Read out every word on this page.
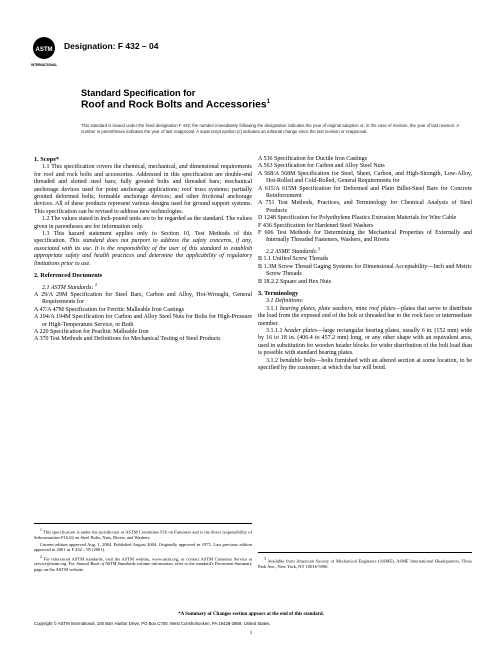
ASTM
INTERNATIONAL
Designation: F 432 – 04
Standard Specification for
Roof and Rock Bolts and Accessories$^1$
This standard is issued under the fixed designation F 432; the number immediately following the designation indicates the year of original adoption or, in the case of revision, the year of last revision. A number in parentheses indicates the year of last reapproval. A superscript epsilon (ε) indicates an editorial change since the last revision or reapproval.
1. Scope*

1.1 This specification covers the chemical, mechanical, and dimensional requirements for roof and rock bolts and accessories. Addressed in this specification are double-end threaded and slotted steel bars; fully grouted bolts and threaded bars; mechanical anchorage devices used for point anchorage applications; roof truss systems; partially grouted deformed bolts; formable anchorage devices; and other frictional anchorage devices. All of these products represent various designs used for ground support systems. This specification can be revised to address new technologies.

1.2 The values stated in inch-pound units are to be regarded as the standard. The values given in parentheses are for information only.

1.3 This hazard statement applies only to Section 10, Test Methods of this specification. This standard does not purport to address the safety concerns, if any, associated with its use. It is the responsibility of the user of this standard to establish appropriate safety and health practices and determine the applicability of regulatory limitations prior to use.

2. Referenced Documents

2.1 ASTM Standards: $^2$

A 29/A 29M Specification for Steel Bars, Carbon and Alloy, Hot-Wrought, General Requirements for

A 47/A 47M Specification for Ferritic Malleable Iron Castings

A 194/A 194M Specification for Carbon and Alloy Steel Nuts for Bolts for High-Pressure or High-Temperature Service, or Both

A 220 Specification for Pearlitic Malleable Iron

A 370 Test Methods and Definitions for Mechanical Testing of Steel Products

A 536 Specification for Ductile Iron Castings

A 563 Specification for Carbon and Alloy Steel Nuts

A 568/A 568M Specification for Steel, Sheet, Carbon, and High-Strength, Low-Alloy, Hot-Rolled and Cold-Rolled, General Requirements for

A 615/A 615M Specification for Deformed and Plain Billet-Steel Bars for Concrete Reinforcement

A 751 Test Methods, Practices, and Terminology for Chemical Analysis of Steel Products

D 1248 Specification for Polyethylene Plastics Extrusion Materials for Wire Cable

F 436 Specification for Hardened Steel Washers

F 606 Test Methods for Determining the Mechanical Properties of Externally and Internally Threaded Fasteners, Washers, and Rivets

2.2 ASME Standards:$^3$

B 1.1 Unified Screw Threads

B 1.3M Screw Thread Gaging Systems for Dimensional Acceptability—Inch and Metric Screw Threads

B 18.2.2 Square and Hex Nuts

3. Terminology

3.1 Definitions:

3.1.1 bearing plates, plate washers, mine roof plates—plates that serve to distribute the load from the exposed end of the bolt or threaded bar to the rock face or intermediate member.

3.1.1.1 header plates—large rectangular bearing plates, usually 6 in. (152 mm) wide by 16 to 18 in. (406.4 to 457.2 mm) long, or any other shape with an equivalent area, used in substitution for wooden header blocks for wider distribution of the bolt load than is possible with standard bearing plates.

3.1.2 bendable bolts—bolts furnished with an altered section at some location, to be specified by the customer, at which the bar will bend.

$^1$ This specification is under the jurisdiction of ASTM Committee F16 on Fasteners and is the direct responsibility of Subcommittee F16.02 on Steel Bolts, Nuts, Rivets, and Washers.

Current edition approved Aug. 1, 2004. Published August 2004. Originally approved in 1975. Last previous edition approved in 2001 as F 432 – 95 (2001).

$^2$ For referenced ASTM standards, visit the ASTM website, www.astm.org, or contact ASTM Customer Service at service@astm.org. For Annual Book of ASTM Standards volume information, refer to the standard's Document Summary page on the ASTM website.

$^3$ Available from American Society of Mechanical Engineers (ASME), ASME International Headquarters, Three Park Ave., New York, NY 10016-5990.

*A Summary of Changes section appears at the end of this standard.
Copyright © ASTM International, 100 Barr Harbor Drive, PO Box C700, West Conshohocken, PA 19428-2959, United States.
1
